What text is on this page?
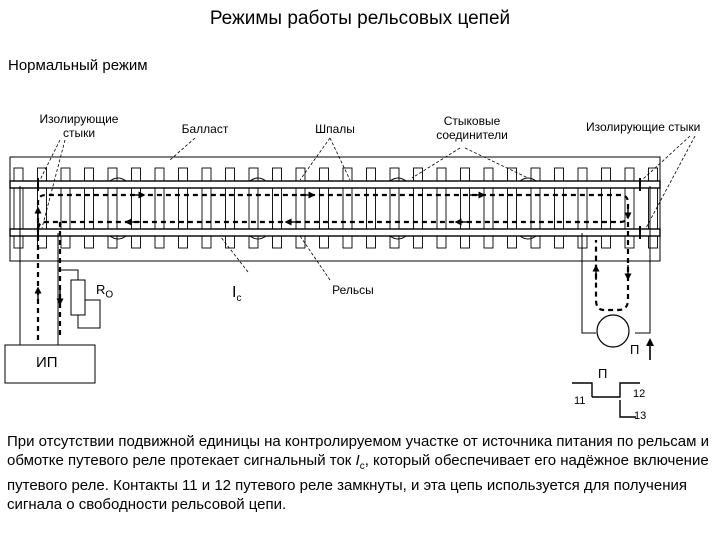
Режимы работы рельсовых цепей
Нормальный режим
Изолирующие
стыки	Балласт	Шпалы
Стыковые
соединители
Изолирующие стыки
$R_О$	$I_c$
Рельсы
ИП
П
П
11
12
13
При отсутствии подвижной единицы на контролируемом участке от источника питания по рельсам и обмотке путевого реле протекает сигнальный ток $I_с$, который обеспечивает его надёжное включение путевого реле. Контакты 11 и 12 путевого реле замкнуты, и эта цепь используется для получения сигнала о свободности рельсовой цепи.
